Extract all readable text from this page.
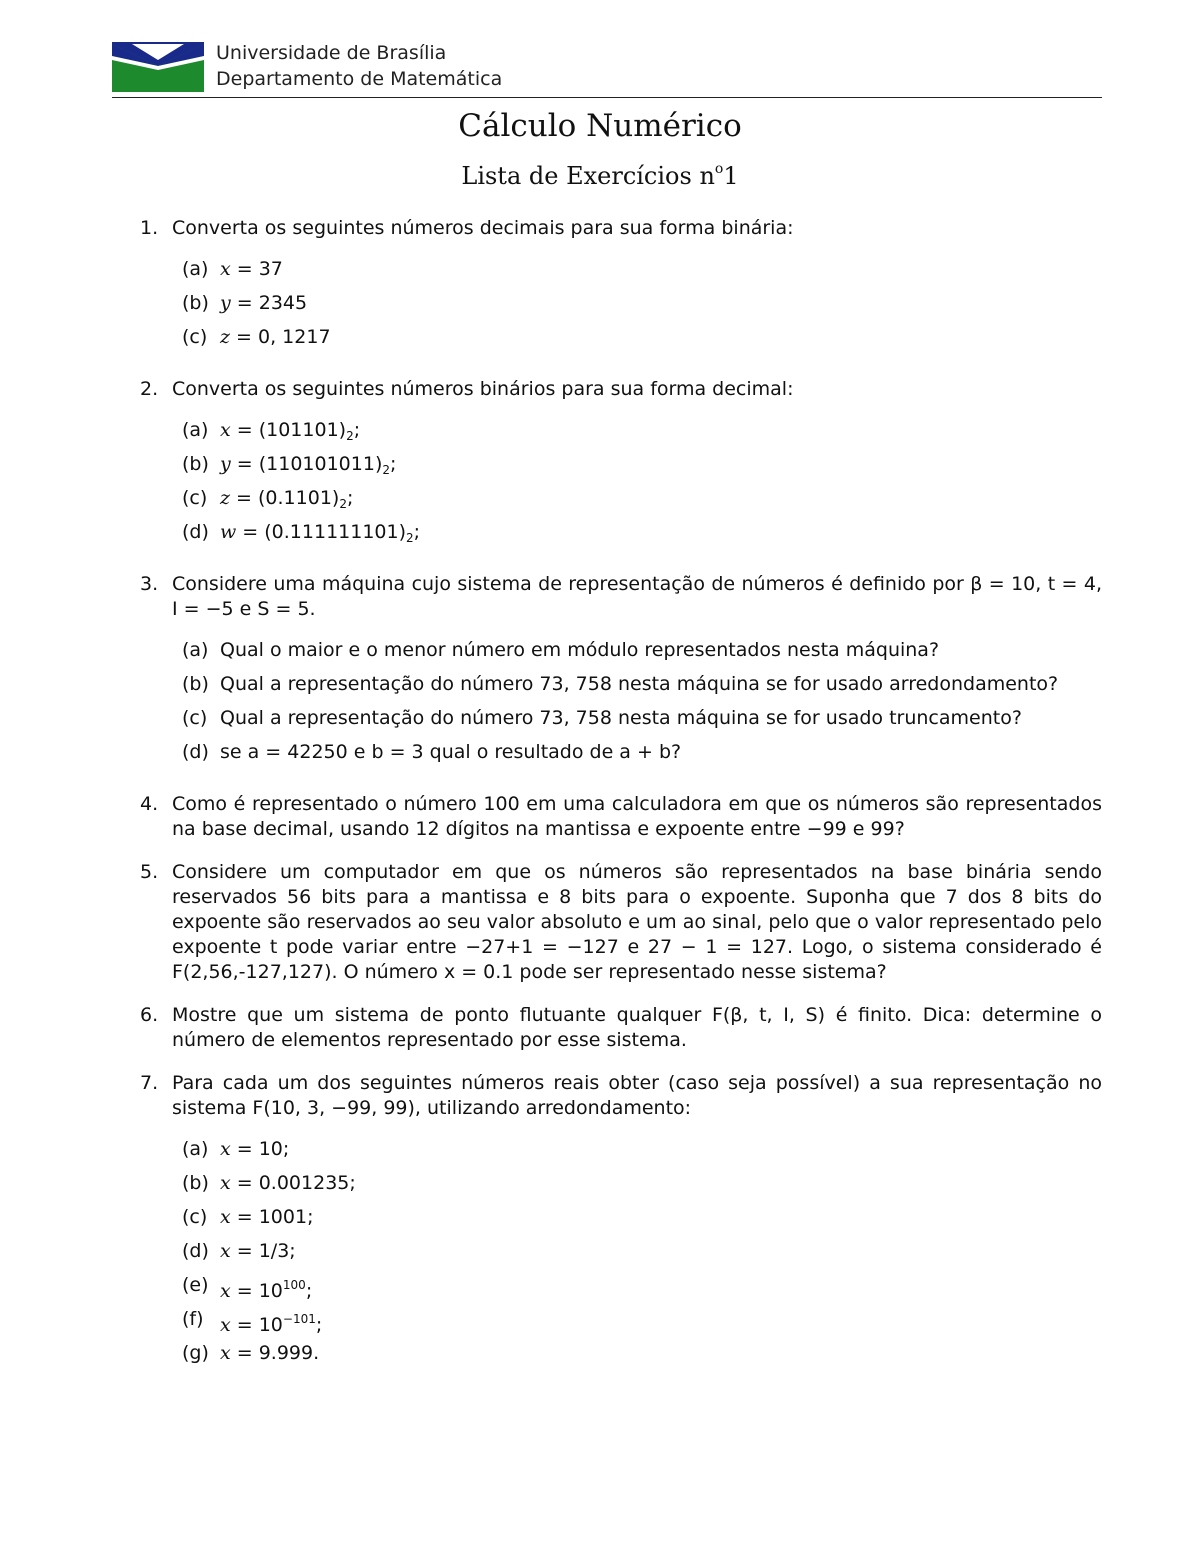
Universidade de Brasília
Departamento de Matemática
Cálculo Numérico
Lista de Exercícios $n^o1$
1. Converta os seguintes números decimais para sua forma binária:
(a) x = 37
(b) y = 2345
(c) z = 0, 1217
2. Converta os seguintes números binários para sua forma decimal:
(a) $x = (101101)_2$;
(b) $y = (110101011)_2$;
(c) $z = (0.1101)_2$;
(d) $w = (0.111111101)_2$;
3. Considere uma máquina cujo sistema de representação de números é definido por β = 10, t = 4, I = −5 e S = 5.
(a) Qual o maior e o menor número em módulo representados nesta máquina?
(b) Qual a representação do número 73, 758 nesta máquina se for usado arredondamento?
(c) Qual a representação do número 73, 758 nesta máquina se for usado truncamento?
(d) se a = 42250 e b = 3 qual o resultado de a + b?
4. Como é representado o número 100 em uma calculadora em que os números são representados na base decimal, usando 12 dígitos na mantissa e expoente entre −99 e 99?
5. Considere um computador em que os números são representados na base binária sendo reservados 56 bits para a mantissa e 8 bits para o expoente. Suponha que 7 dos 8 bits do expoente são reservados ao seu valor absoluto e um ao sinal, pelo que o valor representado pelo expoente t pode variar entre −27+1 = −127 e 27 − 1 = 127. Logo, o sistema considerado é F(2,56,-127,127). O número x = 0.1 pode ser representado nesse sistema?
6. Mostre que um sistema de ponto flutuante qualquer F(β, t, I, S) é finito. Dica: determine o número de elementos representado por esse sistema.
7. Para cada um dos seguintes números reais obter (caso seja possível) a sua representação no sistema F(10, 3, −99, 99), utilizando arredondamento:
(a) x = 10;
(b) x = 0.001235;
(c) x = 1001;
(d) x = 1/3;
(e) $x = 10^{100}$;
(f) $x = 10^{-101}$;
(g) x = 9.999.
